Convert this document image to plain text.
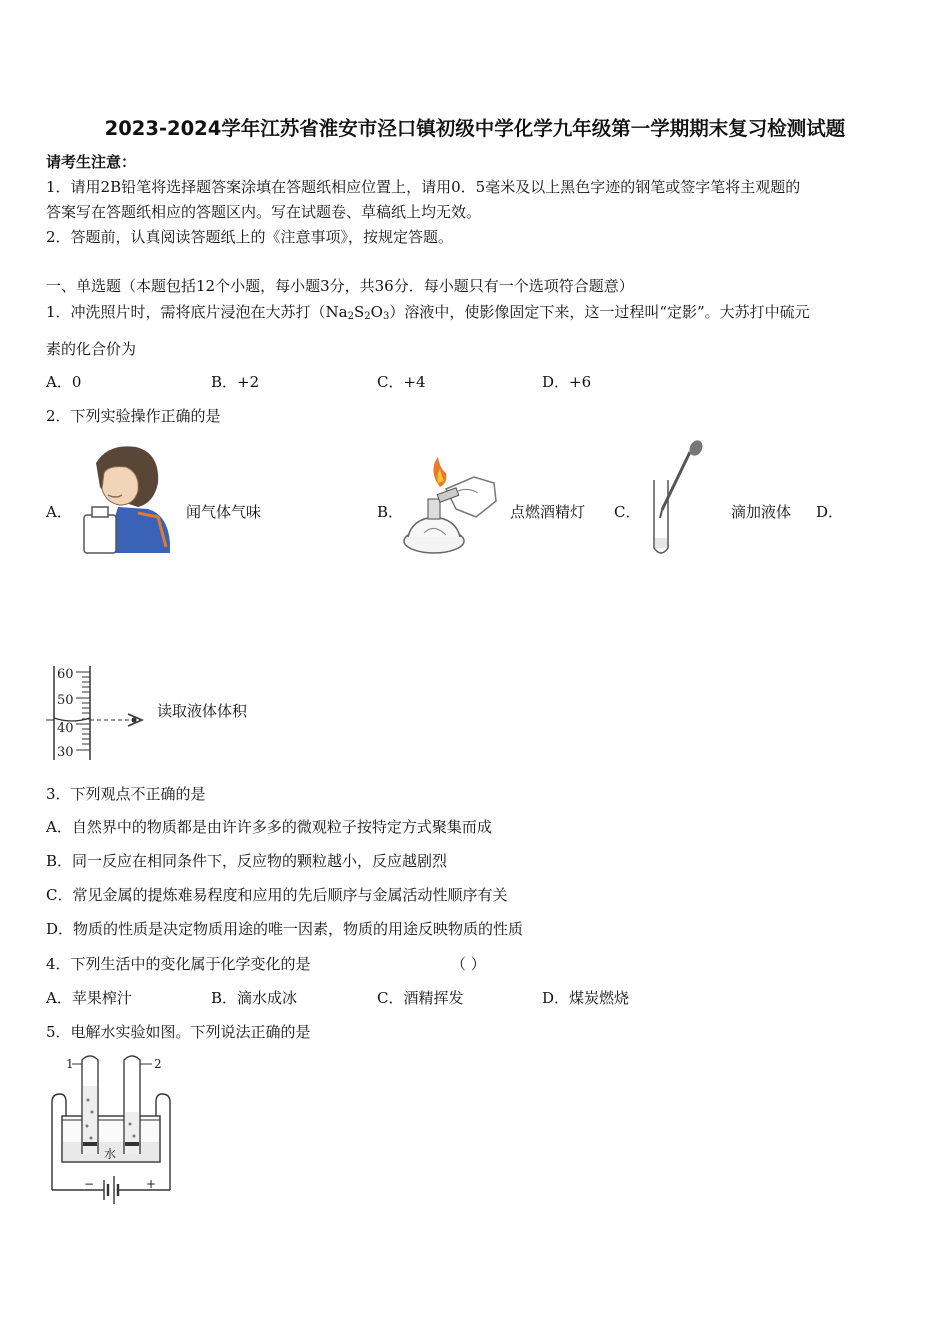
2023-2024学年江苏省淮安市泾口镇初级中学化学九年级第一学期期末复习检测试题
请考生注意：
1．请用2B铅笔将选择题答案涂填在答题纸相应位置上，请用0．5毫米及以上黑色字迹的钢笔或签字笔将主观题的
答案写在答题纸相应的答题区内。写在试题卷、草稿纸上均无效。
2．答题前，认真阅读答题纸上的《注意事项》，按规定答题。
一、单选题（本题包括12个小题，每小题3分，共36分．每小题只有一个选项符合题意）
1．冲洗照片时，需将底片浸泡在大苏打$(Na_2S_2O_3)$溶液中，使影像固定下来，这一过程叫“定影”。大苏打中硫元
素的化合价为
A．0	B．+2	C．+4	D．+6
2．下列实验操作正确的是
A．	闻气体气味	B．	点燃酒精灯 C．	滴加液体 D．
60
50
40
30
读取液体体积
3．下列观点不正确的是
A．自然界中的物质都是由许许多多的微观粒子按特定方式聚集而成
B．同一反应在相同条件下，反应物的颗粒越小，反应越剧烈
C．常见金属的提炼难易程度和应用的先后顺序与金属活动性顺序有关
D．物质的性质是决定物质用途的唯一因素，物质的用途反映物质的性质
4．下列生活中的变化属于化学变化的是	（ ）
A．苹果榨汁	B．滴水成冰	C．酒精挥发	D．煤炭燃烧
5．电解水实验如图。下列说法正确的是
1	2
水
−	+
